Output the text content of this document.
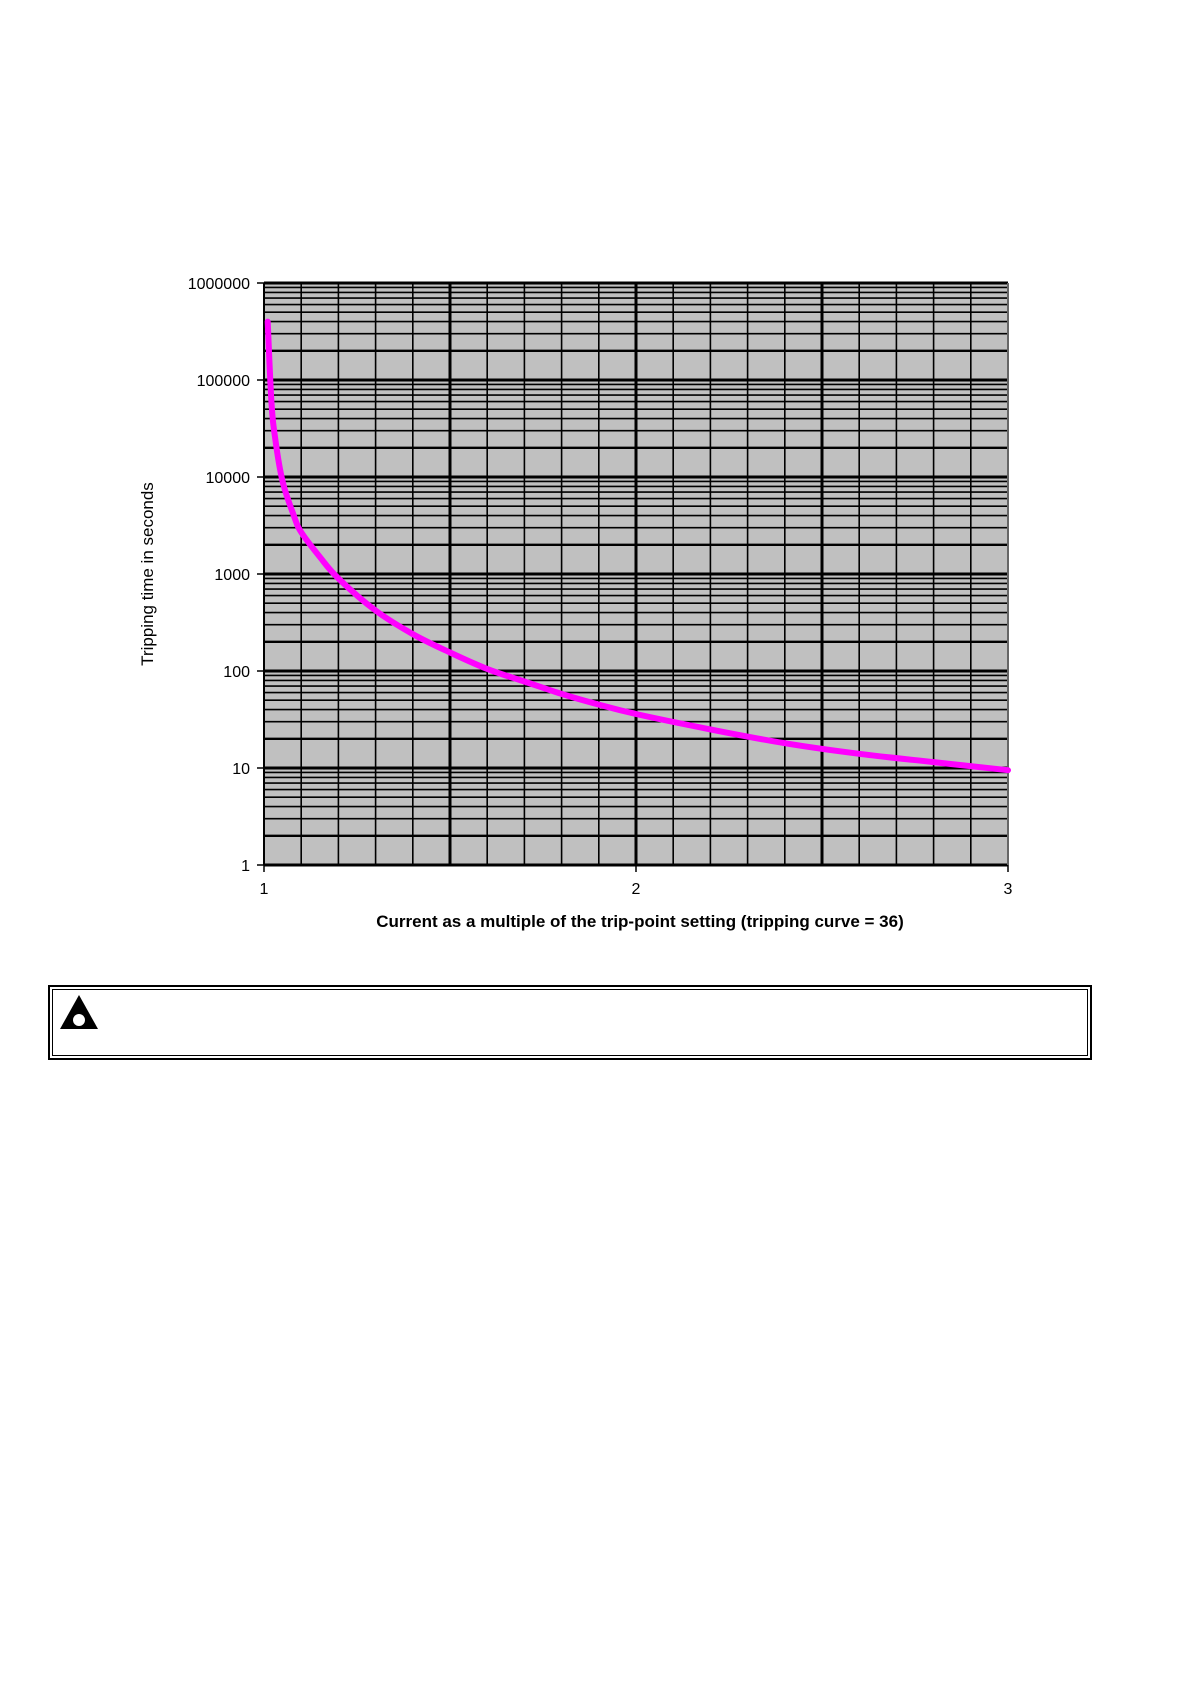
1
10
100
1000
10000
100000
1000000
1	2	3
Tripping time in seconds
Current as a multiple of the trip-point setting (tripping curve = 36)
